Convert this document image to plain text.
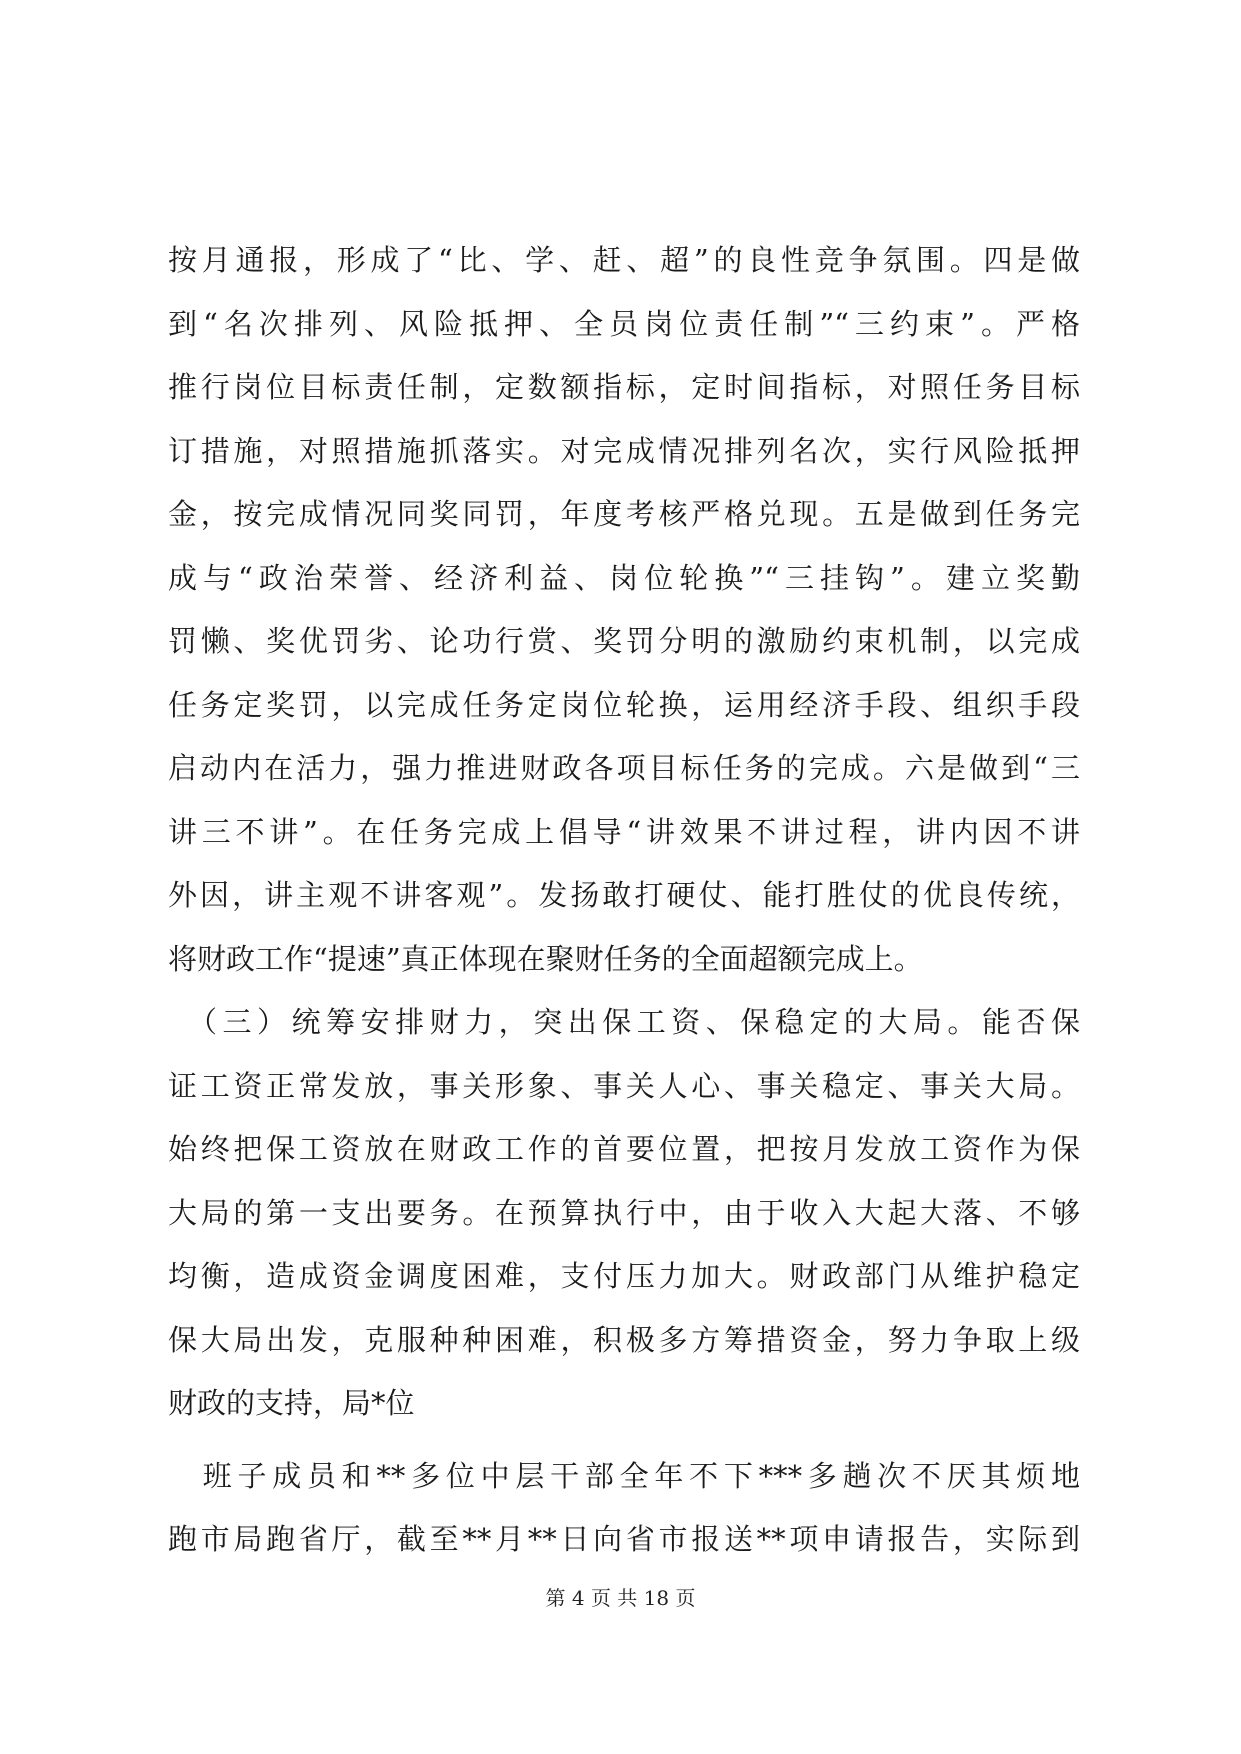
按月通报，形成了“比、学、赶、超”的良性竞争氛围。四是做
到“名次排列、风险抵押、全员岗位责任制”“三约束”。严格
推行岗位目标责任制，定数额指标，定时间指标，对照任务目标
订措施，对照措施抓落实。对完成情况排列名次，实行风险抵押
金，按完成情况同奖同罚，年度考核严格兑现。五是做到任务完
成与“政治荣誉、经济利益、岗位轮换”“三挂钩”。建立奖勤
罚懒、奖优罚劣、论功行赏、奖罚分明的激励约束机制，以完成
任务定奖罚，以完成任务定岗位轮换，运用经济手段、组织手段
启动内在活力，强力推进财政各项目标任务的完成。六是做到“三
讲三不讲”。在任务完成上倡导“讲效果不讲过程，讲内因不讲
外因，讲主观不讲客观”。发扬敢打硬仗、能打胜仗的优良传统，
将财政工作“提速”真正体现在聚财任务的全面超额完成上。
　（三）统筹安排财力，突出保工资、保稳定的大局。能否保
证工资正常发放，事关形象、事关人心、事关稳定、事关大局。
始终把保工资放在财政工作的首要位置，把按月发放工资作为保
大局的第一支出要务。在预算执行中，由于收入大起大落、不够
均衡，造成资金调度困难，支付压力加大。财政部门从维护稳定
保大局出发，克服种种困难，积极多方筹措资金，努力争取上级
财政的支持，局*位
　班子成员和**多位中层干部全年不下***多趟次不厌其烦地
跑市局跑省厅，截至**月**日向省市报送**项申请报告，实际到
第 4 页 共 18 页
